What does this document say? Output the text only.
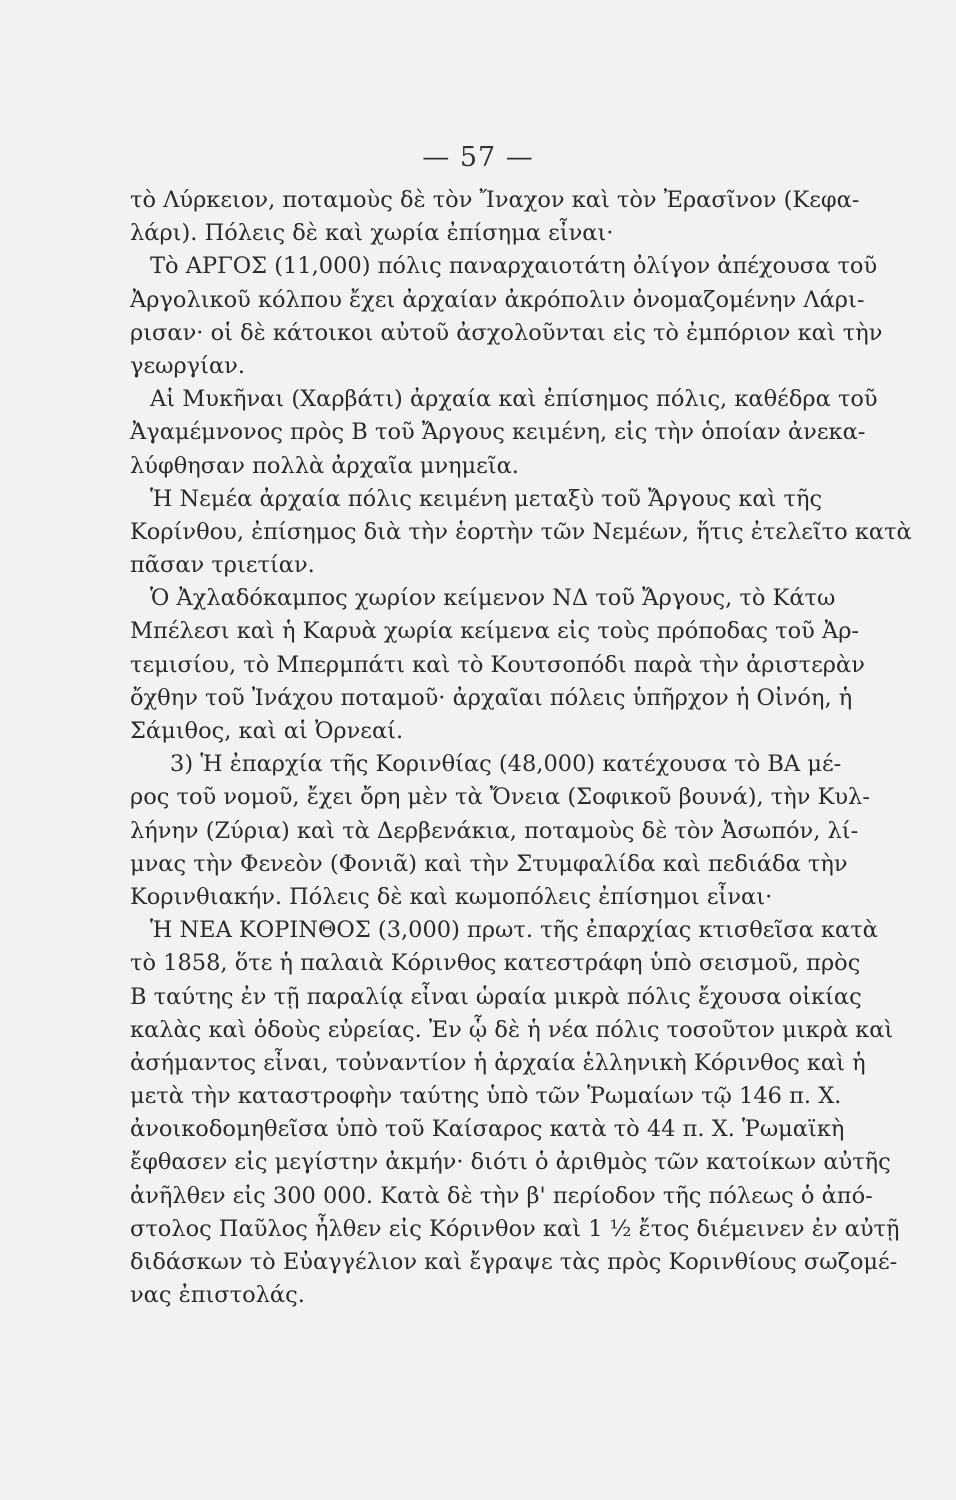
— 57 —
τὸ Λύρκειον, ποταμοὺς δὲ τὸν Ἴναχον καὶ τὸν Ἐρασῖνον (Κεφα-
λάρι). Πόλεις δὲ καὶ χωρία ἐπίσημα εἶναι·
Τὸ ΑΡΓΟΣ (11,000) πόλις παναρχαιοτάτη ὀλίγον ἀπέχουσα τοῦ
Ἀργολικοῦ κόλπου ἔχει ἀρχαίαν ἀκρόπολιν ὀνομαζομένην Λάρι-
ρισαν· οἱ δὲ κάτοικοι αὐτοῦ ἀσχολοῦνται εἰς τὸ ἐμπόριον καὶ τὴν
γεωργίαν.
Αἱ Μυκῆναι (Χαρβάτι) ἀρχαία καὶ ἐπίσημος πόλις, καθέδρα τοῦ
Ἀγαμέμνονος πρὸς Β τοῦ Ἄργους κειμένη, εἰς τὴν ὁποίαν ἀνεκα-
λύφθησαν πολλὰ ἀρχαῖα μνημεῖα.
Ἡ Νεμέα ἀρχαία πόλις κειμένη μεταξὺ τοῦ Ἄργους καὶ τῆς
Κορίνθου, ἐπίσημος διὰ τὴν ἑορτὴν τῶν Νεμέων, ἥτις ἐτελεῖτο κατὰ
πᾶσαν τριετίαν.
Ὁ Ἀχλαδόκαμπος χωρίον κείμενον ΝΔ τοῦ Ἄργους, τὸ Κάτω
Μπέλεσι καὶ ἡ Καρυὰ χωρία κείμενα εἰς τοὺς πρόποδας τοῦ Ἀρ-
τεμισίου, τὸ Μπερμπάτι καὶ τὸ Κουτσοπόδι παρὰ τὴν ἀριστερὰν
ὄχθην τοῦ Ἰνάχου ποταμοῦ· ἀρχαῖαι πόλεις ὑπῆρχον ἡ Οἰνόη, ἡ
Σάμιθος, καὶ αἱ Ὀρνεαί.
3) Ἡ ἐπαρχία τῆς Κορινθίας (48,000) κατέχουσα τὸ ΒΑ μέ-
ρος τοῦ νομοῦ, ἔχει ὄρη μὲν τὰ Ὄνεια (Σοφικοῦ βουνά), τὴν Κυλ-
λήνην (Ζύρια) καὶ τὰ Δερβενάκια, ποταμοὺς δὲ τὸν Ἀσωπόν, λί-
μνας τὴν Φενεὸν (Φονιᾶ) καὶ τὴν Στυμφαλίδα καὶ πεδιάδα τὴν
Κορινθιακήν. Πόλεις δὲ καὶ κωμοπόλεις ἐπίσημοι εἶναι·
Ἡ ΝΕΑ ΚΟΡΙΝΘΟΣ (3,000) πρωτ. τῆς ἐπαρχίας κτισθεῖσα κατὰ
τὸ 1858, ὅτε ἡ παλαιὰ Κόρινθος κατεστράφη ὑπὸ σεισμοῦ, πρὸς
Β ταύτης ἐν τῇ παραλίᾳ εἶναι ὡραία μικρὰ πόλις ἔχουσα οἰκίας
καλὰς καὶ ὁδοὺς εὐρείας. Ἐν ᾧ δὲ ἡ νέα πόλις τοσοῦτον μικρὰ καὶ
ἀσήμαντος εἶναι, τοὐναντίον ἡ ἀρχαία ἑλληνικὴ Κόρινθος καὶ ἡ
μετὰ τὴν καταστροφὴν ταύτης ὑπὸ τῶν Ῥωμαίων τῷ 146 π. Χ.
ἀνοικοδομηθεῖσα ὑπὸ τοῦ Καίσαρος κατὰ τὸ 44 π. Χ. Ῥωμαϊκὴ
ἔφθασεν εἰς μεγίστην ἀκμήν· διότι ὁ ἀριθμὸς τῶν κατοίκων αὐτῆς
ἀνῆλθεν εἰς 300 000. Κατὰ δὲ τὴν β' περίοδον τῆς πόλεως ὁ ἀπό-
στολος Παῦλος ἦλθεν εἰς Κόρινθον καὶ 1 ½ ἔτος διέμεινεν ἐν αὐτῇ
διδάσκων τὸ Εὐαγγέλιον καὶ ἔγραψε τὰς πρὸς Κορινθίους σωζομέ-
νας ἐπιστολάς.
